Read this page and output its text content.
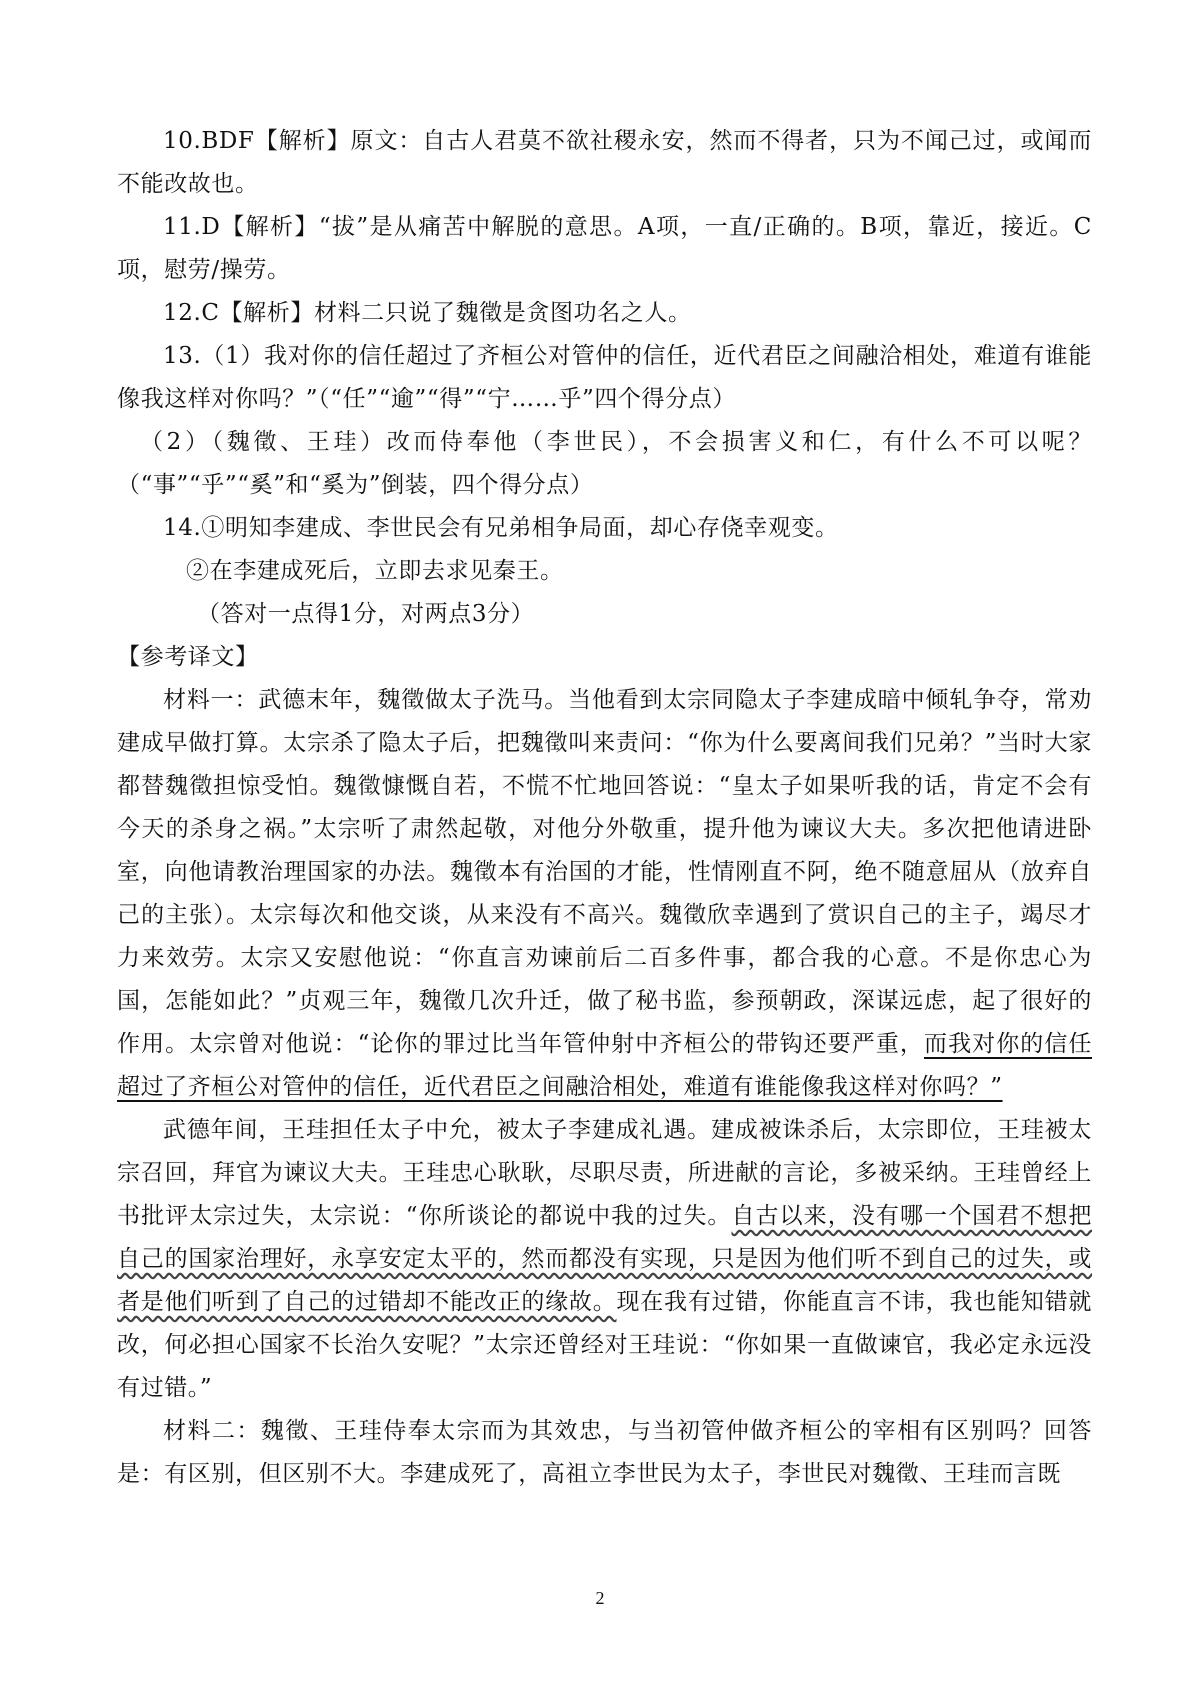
10.BDF【解析】原文：自古人君莫不欲社稷永安，然而不得者，只为不闻己过，或闻而不能改故也。

11.D【解析】“拔”是从痛苦中解脱的意思。A项，一直/正确的。B项，靠近，接近。C项，慰劳/操劳。

12.C【解析】材料二只说了魏徵是贪图功名之人。

13.（1）我对你的信任超过了齐桓公对管仲的信任，近代君臣之间融洽相处，难道有谁能像我这样对你吗？”（“任”“逾”“得”“宁……乎”四个得分点）

（2）（魏徵、王珪）改而侍奉他（李世民），不会损害义和仁，有什么不可以呢？（“事”“乎”“奚”和“奚为”倒装，四个得分点）

14.①明知李建成、李世民会有兄弟相争局面，却心存侥幸观变。

②在李建成死后，立即去求见秦王。

（答对一点得1分，对两点3分）

【参考译文】

材料一：武德末年，魏徵做太子洗马。当他看到太宗同隐太子李建成暗中倾轧争夺，常劝建成早做打算。太宗杀了隐太子后，把魏徵叫来责问：“你为什么要离间我们兄弟？”当时大家都替魏徵担惊受怕。魏徵慷慨自若，不慌不忙地回答说：“皇太子如果听我的话，肯定不会有今天的杀身之祸。”太宗听了肃然起敬，对他分外敬重，提升他为谏议大夫。多次把他请进卧室，向他请教治理国家的办法。魏徵本有治国的才能，性情刚直不阿，绝不随意屈从（放弃自己的主张）。太宗每次和他交谈，从来没有不高兴。魏徵欣幸遇到了赏识自己的主子，竭尽才力来效劳。太宗又安慰他说：“你直言劝谏前后二百多件事，都合我的心意。不是你忠心为国，怎能如此？”贞观三年，魏徵几次升迁，做了秘书监，参预朝政，深谋远虑，起了很好的作用。太宗曾对他说：“论你的罪过比当年管仲射中齐桓公的带钩还要严重，而我对你的信任超过了齐桓公对管仲的信任，近代君臣之间融洽相处，难道有谁能像我这样对你吗？”

武德年间，王珪担任太子中允，被太子李建成礼遇。建成被诛杀后，太宗即位，王珪被太宗召回，拜官为谏议大夫。王珪忠心耿耿，尽职尽责，所进献的言论，多被采纳。王珪曾经上书批评太宗过失，太宗说：“你所谈论的都说中我的过失。自古以来，没有哪一个国君不想把自己的国家治理好，永享安定太平的，然而都没有实现，只是因为他们听不到自己的过失，或者是他们听到了自己的过错却不能改正的缘故。现在我有过错，你能直言不讳，我也能知错就改，何必担心国家不长治久安呢？”太宗还曾经对王珪说：“你如果一直做谏官，我必定永远没有过错。”

材料二：魏徵、王珪侍奉太宗而为其效忠，与当初管仲做齐桓公的宰相有区别吗？回答是：有区别，但区别不大。李建成死了，高祖立李世民为太子，李世民对魏徵、王珪而言既

2
